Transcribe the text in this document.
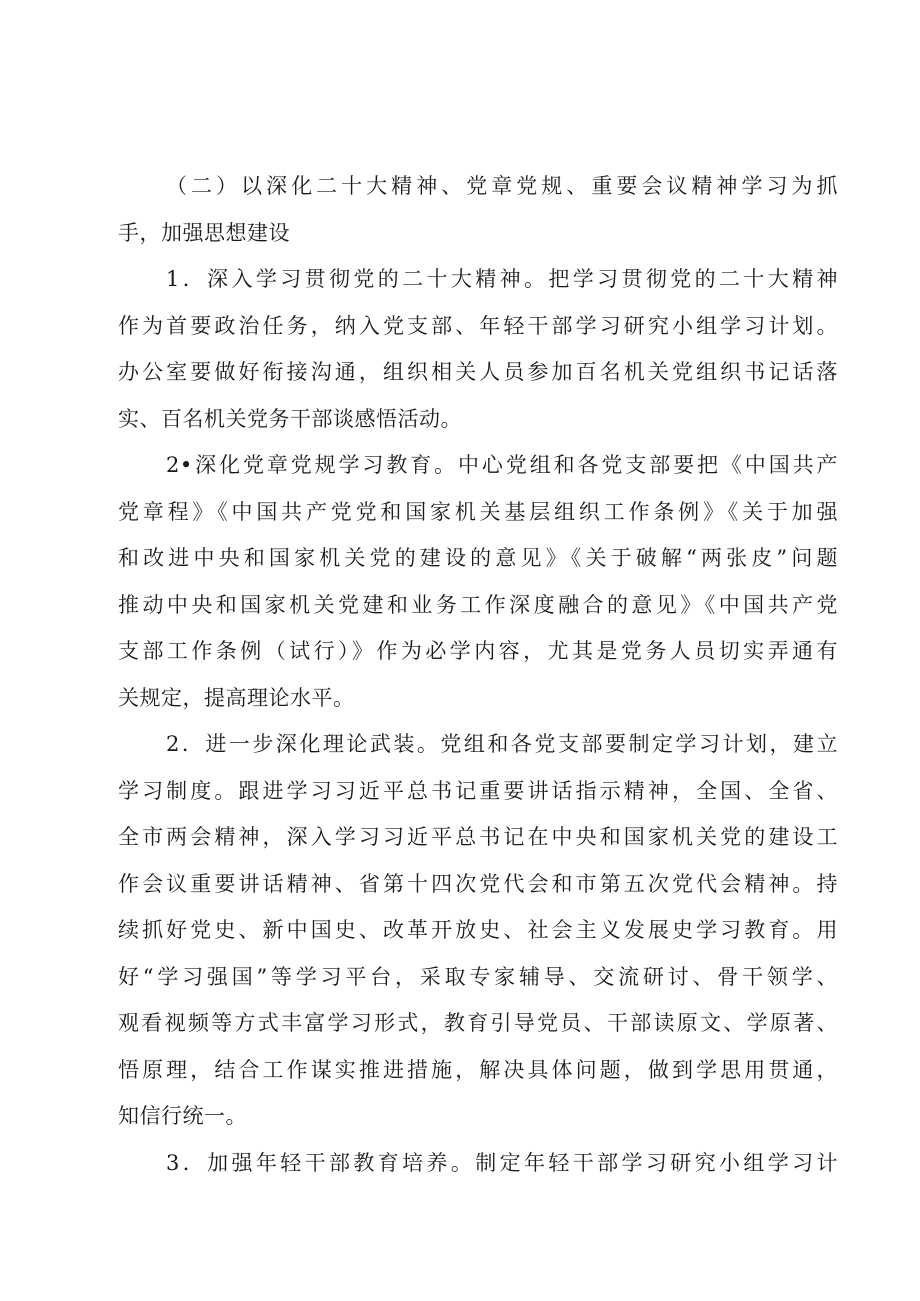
（二）以深化二十大精神、党章党规、重要会议精神学习为抓
手，加强思想建设
1．深入学习贯彻党的二十大精神。把学习贯彻党的二十大精神
作为首要政治任务，纳入党支部、年轻干部学习研究小组学习计划。
办公室要做好衔接沟通，组织相关人员参加百名机关党组织书记话落
实、百名机关党务干部谈感悟活动。
2•深化党章党规学习教育。中心党组和各党支部要把《中国共产
党章程》《中国共产党党和国家机关基层组织工作条例》《关于加强
和改进中央和国家机关党的建设的意见》《关于破解“两张皮”问题
推动中央和国家机关党建和业务工作深度融合的意见》《中国共产党
支部工作条例（试行）》作为必学内容，尤其是党务人员切实弄通有
关规定，提高理论水平。
2．进一步深化理论武装。党组和各党支部要制定学习计划，建立
学习制度。跟进学习习近平总书记重要讲话指示精神，全国、全省、
全市两会精神，深入学习习近平总书记在中央和国家机关党的建设工
作会议重要讲话精神、省第十四次党代会和市第五次党代会精神。持
续抓好党史、新中国史、改革开放史、社会主义发展史学习教育。用
好“学习强国”等学习平台，采取专家辅导、交流研讨、骨干领学、
观看视频等方式丰富学习形式，教育引导党员、干部读原文、学原著、
悟原理，结合工作谋实推进措施，解决具体问题，做到学思用贯通，
知信行统一。
3．加强年轻干部教育培养。制定年轻干部学习研究小组学习计
